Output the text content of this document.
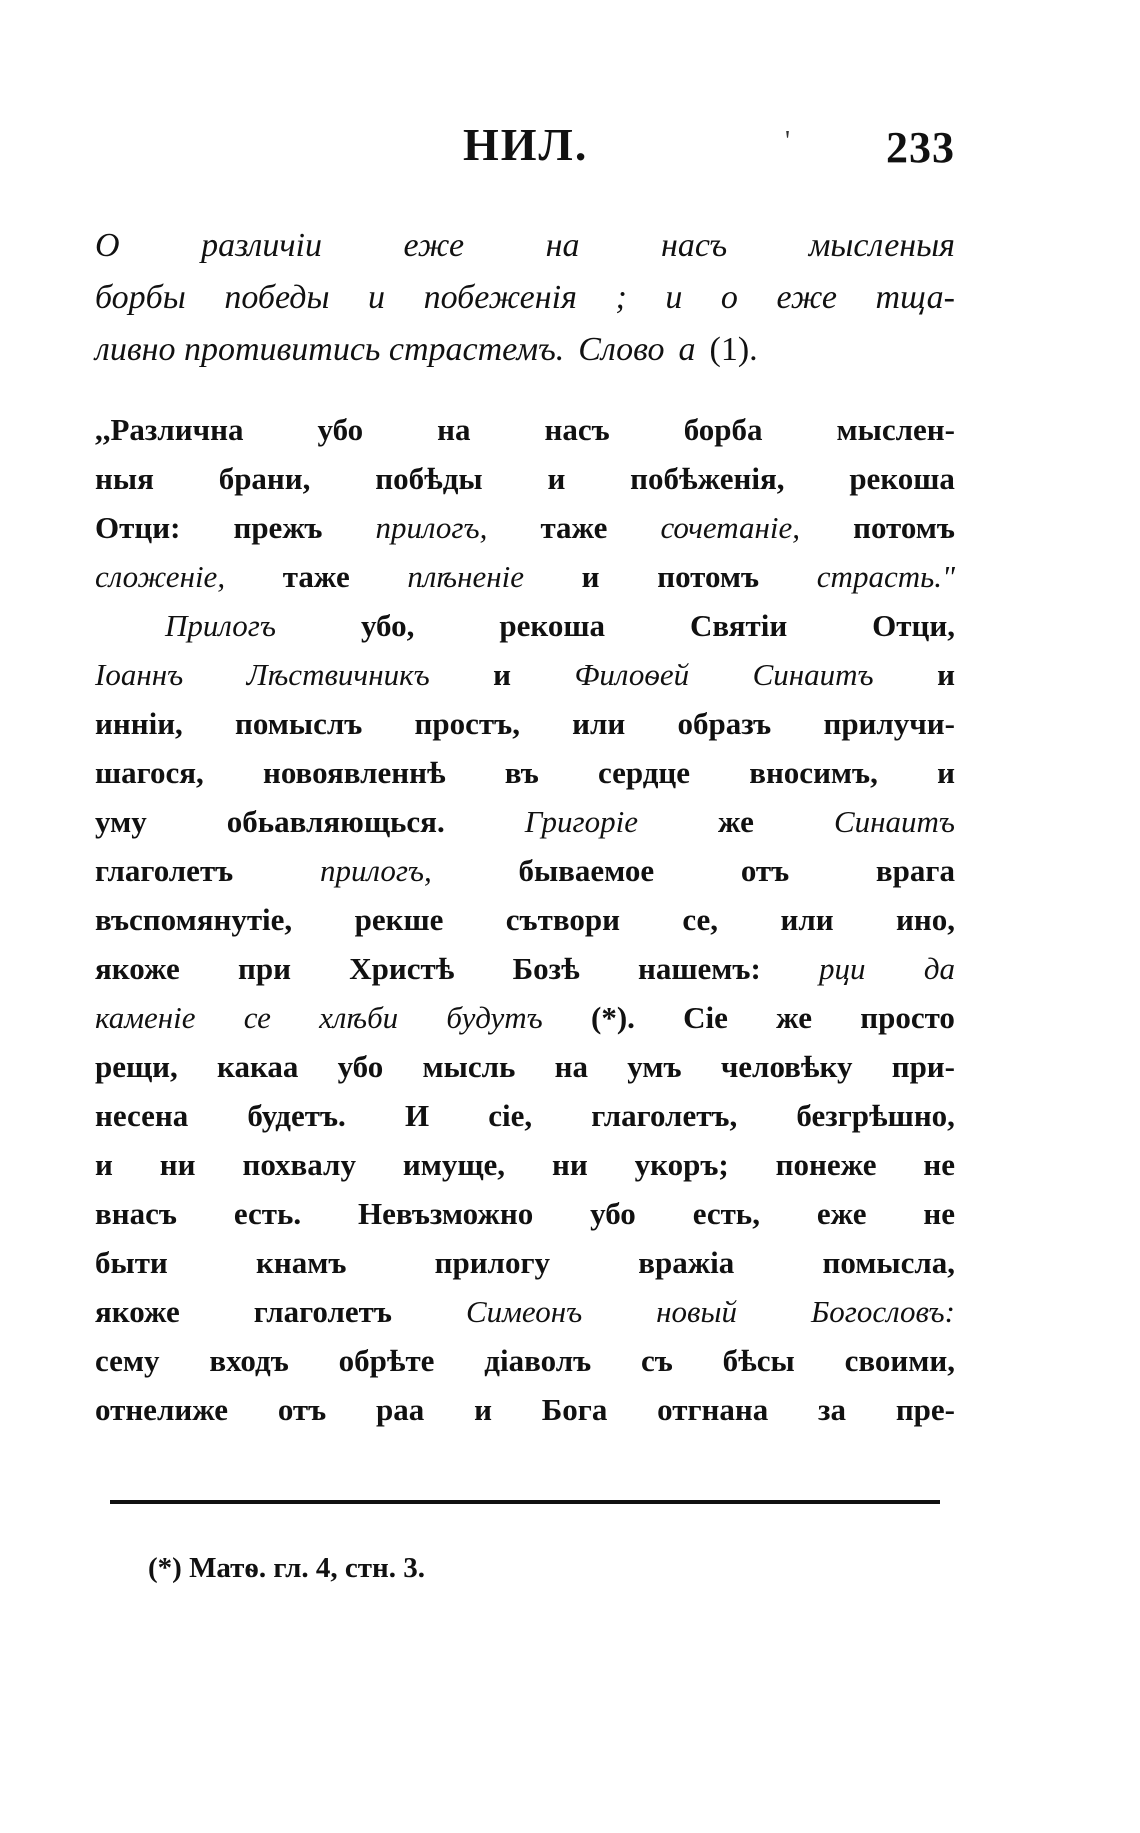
НИЛ.	' 233
О различіи еже на насъ мысленыя
борбы победы и побеженія ; и о еже тща-
ливно противитись страстемъ. Слово а (1).
,,Различна убо на насъ борба мыслен-
ныя брани, побѣды и побѣженія, рекоша
Отци: прежъ прилогъ, таже сочетаніе, потомъ
сложеніе, таже плѣненіе и потомъ страсть."
Прилогъ	убо,	рекоша	Святіи	Отци,
Іоаннъ Лѣствичникъ и Филоѳей Синаитъ и
инніи, помыслъ простъ, или образъ прилучи-
шагося, новоявленнѣ въ сердце вносимъ, и
уму	обьавляющься.	Григоріе	же	Синаитъ
глаголетъ	прилогъ,	бываемое	отъ	врага
въспомянутіе, рекше сътвори се, или ино,
якоже при Христѣ Бозѣ нашемъ: рци да
каменіе се хлѣби будутъ (*). Сіе же просто
рещи, какаа убо мысль на умъ человѣку при-
несена будетъ. И сіе, глаголетъ, безгрѣшно,
и ни похвалу имуще, ни укоръ; понеже не
внасъ есть. Невъзможно убо есть, еже не
быти	кнамъ	прилогу	вражіа	помысла,
якоже глаголетъ Симеонъ новый Богословъ:
сему входъ обрѣте діаволъ съ бѣсы своими,
отнелиже отъ раа и Бога отгнана за пре-
(*) Матѳ. гл. 4, стн. 3.
